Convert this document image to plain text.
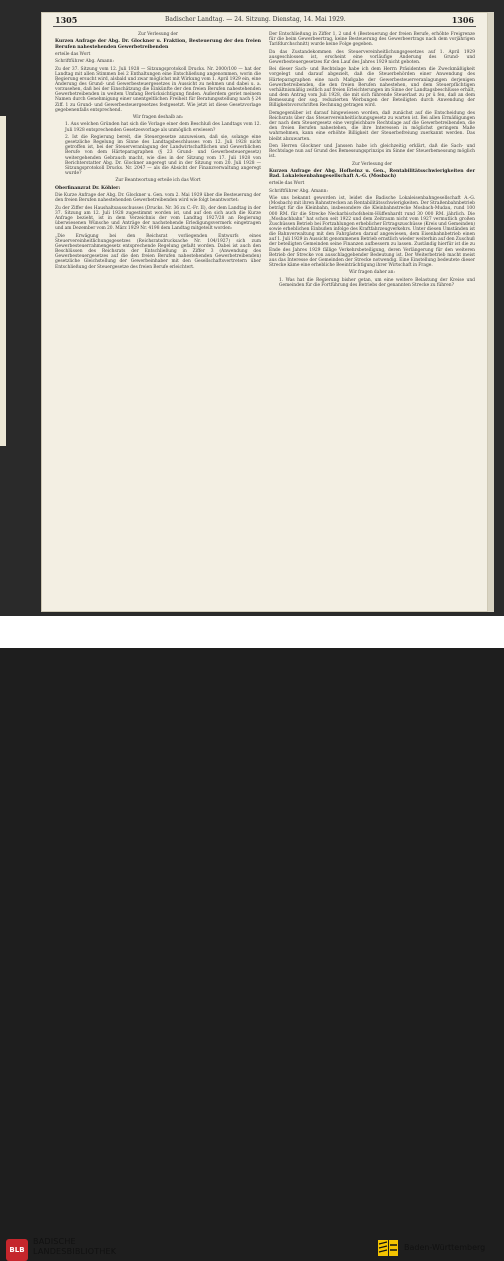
1305	Badischer Landtag. — 24. Sitzung. Dienstag, 14. Mai 1929.	1306

Zur Verlesung der

Kurzen Anfrage der Abg. Dr. Glockner u. Fraktion, Besteuerung der den freien Berufen nahestehenden Gewerbetreibenden

erteile das Wort

Schriftführer Abg. Amann:

Zu der 37. Sitzung vom 12. Juli 1928 — Sitzungsprotokoll Drucks. Nr. 2000/100 — hat der Landtag mit allen Stimmen bei 2 Enthaltungen eine Entschließung angenommen, worin die Regierung ersucht wird, alsbald und zwar möglichst mit Wirkung vom 1. April 1929 ein, eine Änderung des Grund- und Gewerbesteuergesetzes in Aussicht zu nehmen und dabei u. a. vorzusehen, daß bei der Einschätzung die Einkünfte der den freien Berufen nahestehenden Gewerbetreibenden in weitem Umfang Berücksichtigung finden. Außerdem geriet meinem Namen durch Genehmigung einer unentgeltlichen Freiheit für Beratungsstellung nach § 24 Ziff. 1 zu Grund- und Gewerbesteuergesetzes festgesetzt. Wie jetzt ist diese Gesetzvorlage gegebenenfalls entsprechend.

Wir fragen deshalb an:

1. Aus welchen Gründen hat sich die Vorlage einer dem Beschluß des Landtags vom 12. Juli 1928 entsprechenden Gesetzesvorlage als unmöglich erwiesen?

2. Ist die Regierung bereit, die Steuergesetze anzuweisen, daß sie, solange eine gesetzliche Regelung im Sinne des Landtagsbeschlusses vom 12. Juli 1928 nicht getroffen ist, bei der Steuerveranlagung der Landwirtschaftlichen und Gewerblichen Berufe von dem Härteparagraphen (§ 23 Grund- und Gewerbesteuergesetz) weitergehenden Gebrauch macht, wie dies in der Sitzung vom 17. Juli 1928 von Berichterstatter Abg. Dr. Glockner angeregt und in der Sitzung vom 20. Juli 1928 — Sitzungsprotokoll Drucks. Nr. 2047 — als die Absicht der Finanzverwaltung angeregt wurde?

Zur Beantwortung erteile ich das Wort

Oberfinanzrat Dr. Köhler:

Die Kurze Anfrage der Abg. Dr. Glockner u. Gen. vom 2. Mai 1929 über die Besteuerung der den freien Berufen nahestehenden Gewerbetreibenden wird wie folgt beantwortet:

Zu der Ziffer des Haushaltsausschusses (Drucks. Nr. 36 zu C.-Fr. II), der dem Landtag in der 37. Sitzung am 12. Juli 1928 zugestimmt worden ist, und auf den sich auch die Kurze Anfrage bezieht, ist in dem Verzeichnis der vom Landtag 1927/28 an Regierung überwiesenen Wünsche und Anträge der nachstehende Erledigungsvermerk eingetragen und am Dezember vom 20. März 1929 Nr. 4198 dem Landtag mitgeteilt worden:

„Die Erwägung bei den Reichsrat vorliegenden Entwurfs eines Steuervereinheitlichungsgesetzes (Reichsratsdrucksache Nr. 104/1927) sich zum Gewerbesteuerrahmengesetz entsprechende Regelung gefaßt worden. Dabei ist auch den Beschlüssen des Reichsrats der Entschließung in Ziffer 3 (Anwendung des Gewerbesteuergesetzes auf die den freien Berufen nahestehenden Gewerbetreibenden) gesetzliche Gleichstellung der Gewerbeinhaber mit den Gesellschaftsvertretern über Entschließung der Steuergesetze des freien Berufe erleichtert.

Der Entschließung in Ziffer 1, 2 und 4 (Besteuerung der freien Berufe, erhöhte Freigrenze für die beim Gewerbeertrag, keine Besteuerung des Gewerbeertrags nach dem vorjährigen Tarifdurchschnitt) wurde keine Folge gegeben.

Da das Zustandekommen des Steuervereinheitlichungsgesetzes auf 1. April 1929 ausgeschlossen ist, erscheint eine vorläufige Änderung des Grund- und Gewerbesteuergesetzes für den Lauf des Jahres 1929 nicht geboten.

Bei dieser Sach- und Rechtslage habe ich dem Herrn Präsidenten die Zweckmäßigkeit vorgelegt und darauf abgezielt, daß die Steuerbehörden einer Anwendung des Härteparagraphen eine nach Maßgabe der Gewerbesteuerveranlagungen derjenigen Gewerbetreibenden, die den freien Berufen nahestehen, und dem Steuerpflichtigen verhältnismäßig zeitlich auf freien Erleichterungen im Sinne der Landtagsbeschlüsse erhält, und dem Antrag vom Juli 1928, die mit sich führende Steuerlast zu pr ü fen, daß an dem Bemessung der sog. reduzierten Werbungen der Beteiligten durch Anwendung der Billigkeitsvorschriften Rechnung getragen wird.

Demgegenüber ist darauf hingewiesen worden, daß zunächst auf die Entscheidung des Reichsrats über das Steuervereinheitlichungsgesetz zu warten ist. Bei allen Ermäßigungen der nach dem Steuergesetz eine vergleichbare Rechtslage auf die Gewerbetreibenden, die den freien Berufen nahestehen, die ihre Interessen in möglichst geringem Maße wahrnehmen, kann eine erhöhte Billigkeit der Steuerbefreiung zuerkannt werden. Das bleibt abzuwarten.

Den Herren Glockner und Janssen habe ich gleichzeitig erklärt, daß die Sach- und Rechtslage nun auf Grund des Bemessungsprinzips im Sinne der Steuerbemessung möglich ist.

Zur Verlesung der

Kurzen Anfrage der Abg. Hofheinz u. Gen., Rentabilitätsschwierigkeiten der Bad. Lokaleisenbahngesellschaft A.-G. (Mosbach)

erteile das Wort

Schriftführer Abg. Amann:

Wie uns bekannt geworden ist, leidet die Badische Lokaleisenbahngesellschaft A.-G. (Mosbach) mit ihren Bahnstrecken an Rentabilitätsschwierigkeiten. Der Straßenbahnbetrieb beträgt für die Kleinbahn, insbesondere die Kleinbahnstrecke Mosbach-Mudau, rund 100 000 RM. für die Strecke Neckarbischofsheim-Hüffenhardt rund 30 000 RM. jährlich. Die „Mosbachbahn“ hat schon seit 1922 und dem Zeitraum nicht vom 1927 vermutlich großen Zuschüssen Betrieb bei Fortzahlungen erheblicher Ertragszuschüsse (Kreis und Gemeinden) sowie erheblichen Einbußen infolge des Kraftfahrzeugverkehrs. Unter diesen Umständen ist die Bahnverwaltung mit den Fahrgästen darauf angewiesen, dem Eisenbahnbetrieb einen auf 1. Juli 1929 in Aussicht genommenen Betrieb ernstlich wieder weiterhin auf den Zuschuß der beteiligten Gemeinden seine Finanzen aufbessern zu lassen. Zuständig hierfür ist die zu Ende des Jahres 1929 fällige Verkehrsbeteiligung, deren Verlängerung für den weiteren Betrieb der Strecke von ausschlaggebender Bedeutung ist. Der Weiterbetrieb macht meist aus das Interesse der Gemeinden der Strecke notwendig. Eine Einstellung bedeutete dieser Strecke käme eine erhebliche Beeinträchtigung ihrer Wirtschaft in Frage.

Wir fragen daher an:

1. Was hat die Regierung bisher getan, um eine weitere Belastung der Kreise und Gemeinden für die Fortführung des Betriebs der genannten Strecke zu führen?

BLB
BADISCHE
LANDESBIBLIOTHEK	Baden-Württemberg
